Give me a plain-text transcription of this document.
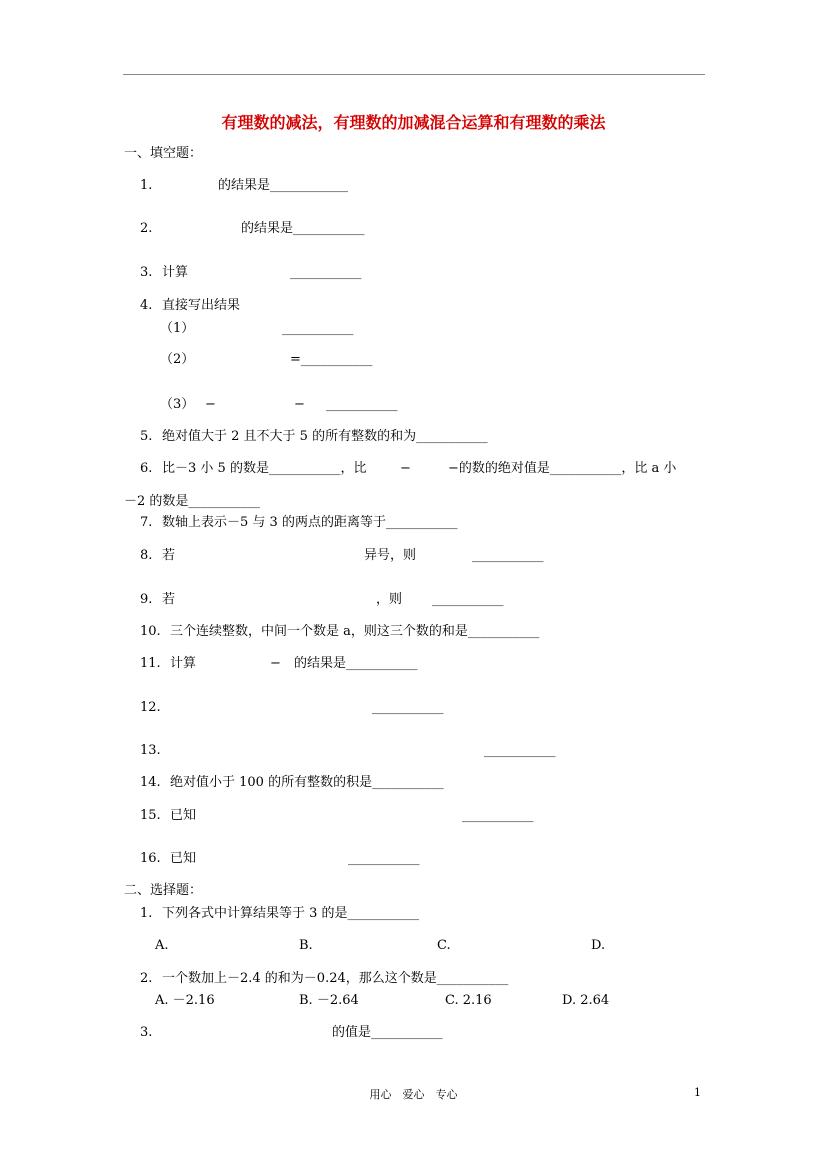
有理数的减法，有理数的加减混合运算和有理数的乘法
一、填空题：
1.	的结果是____________
2.	的结果是___________
3. 计算	___________
4. 直接写出结果
（1）	___________
（2）	=___________
（3） −	− ___________
5. 绝对值大于 2 且不大于 5 的所有整数的和为___________
6. 比－3 小 5 的数是___________，比	−	−的数的绝对值是___________，比 a 小
－2 的数是___________
7. 数轴上表示－5 与 3 的两点的距离等于___________
8. 若	异号，则	___________
9. 若	，则 ___________
10. 三个连续整数，中间一个数是 a，则这三个数的和是___________
11. 计算	− 的结果是___________
12.	___________
13.	___________
14. 绝对值小于 100 的所有整数的积是___________
15. 已知	___________
16. 已知	___________
二、选择题：
1. 下列各式中计算结果等于 3 的是___________
A.	B.	C.	D.
2. 一个数加上－2.4 的和为－0.24，那么这个数是___________
A. －2.16	B. －2.64	C. 2.16	D. 2.64
3.	的值是___________
用心　爱心　专心	1
